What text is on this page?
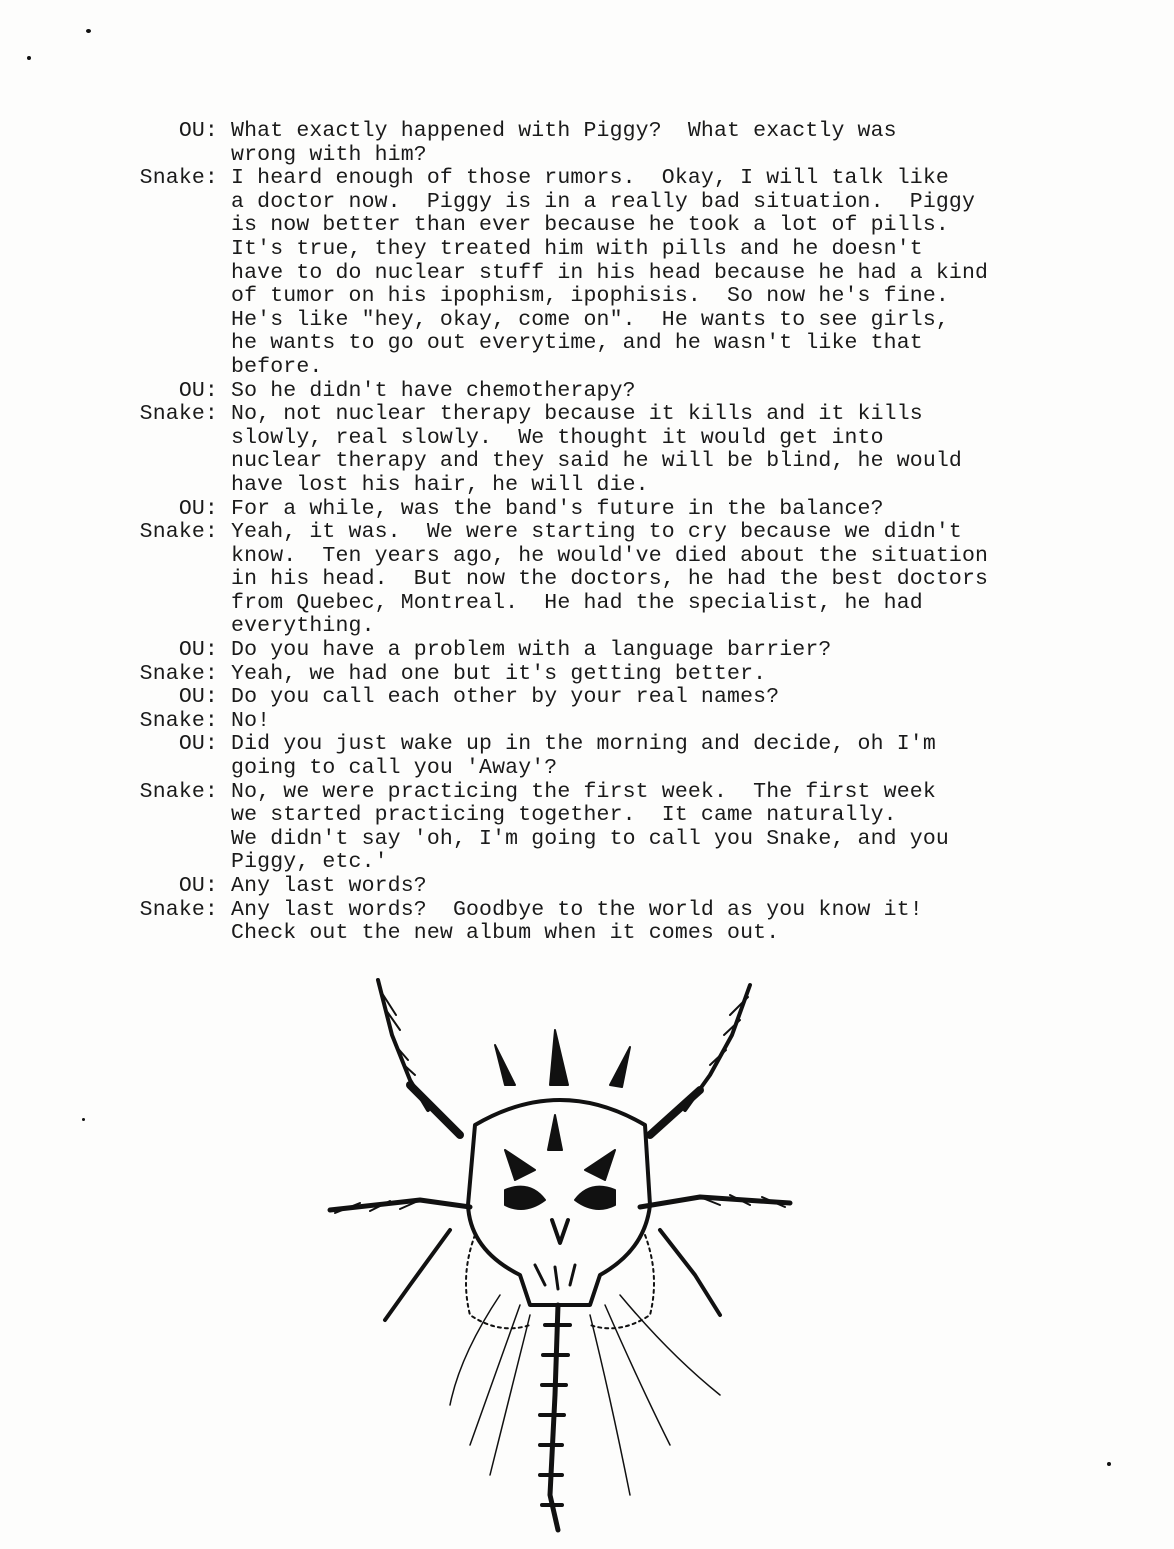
OU: What exactly happened with Piggy?  What exactly was
wrong with him?
Snake: I heard enough of those rumors.  Okay, I will talk like
a doctor now.  Piggy is in a really bad situation.  Piggy
is now better than ever because he took a lot of pills.
It's true, they treated him with pills and he doesn't
have to do nuclear stuff in his head because he had a kind
of tumor on his ipophism, ipophisis.  So now he's fine.
He's like "hey, okay, come on".  He wants to see girls,
he wants to go out everytime, and he wasn't like that
before.
OU: So he didn't have chemotherapy?
Snake: No, not nuclear therapy because it kills and it kills
slowly, real slowly.  We thought it would get into
nuclear therapy and they said he will be blind, he would
have lost his hair, he will die.
OU: For a while, was the band's future in the balance?
Snake: Yeah, it was.  We were starting to cry because we didn't
know.  Ten years ago, he would've died about the situation
in his head.  But now the doctors, he had the best doctors
from Quebec, Montreal.  He had the specialist, he had
everything.
OU: Do you have a problem with a language barrier?
Snake: Yeah, we had one but it's getting better.
OU: Do you call each other by your real names?
Snake: No!
OU: Did you just wake up in the morning and decide, oh I'm
going to call you 'Away'?
Snake: No, we were practicing the first week.  The first week
we started practicing together.  It came naturally.
We didn't say 'oh, I'm going to call you Snake, and you
Piggy, etc.'
OU: Any last words?
Snake: Any last words?  Goodbye to the world as you know it!
Check out the new album when it comes out.
